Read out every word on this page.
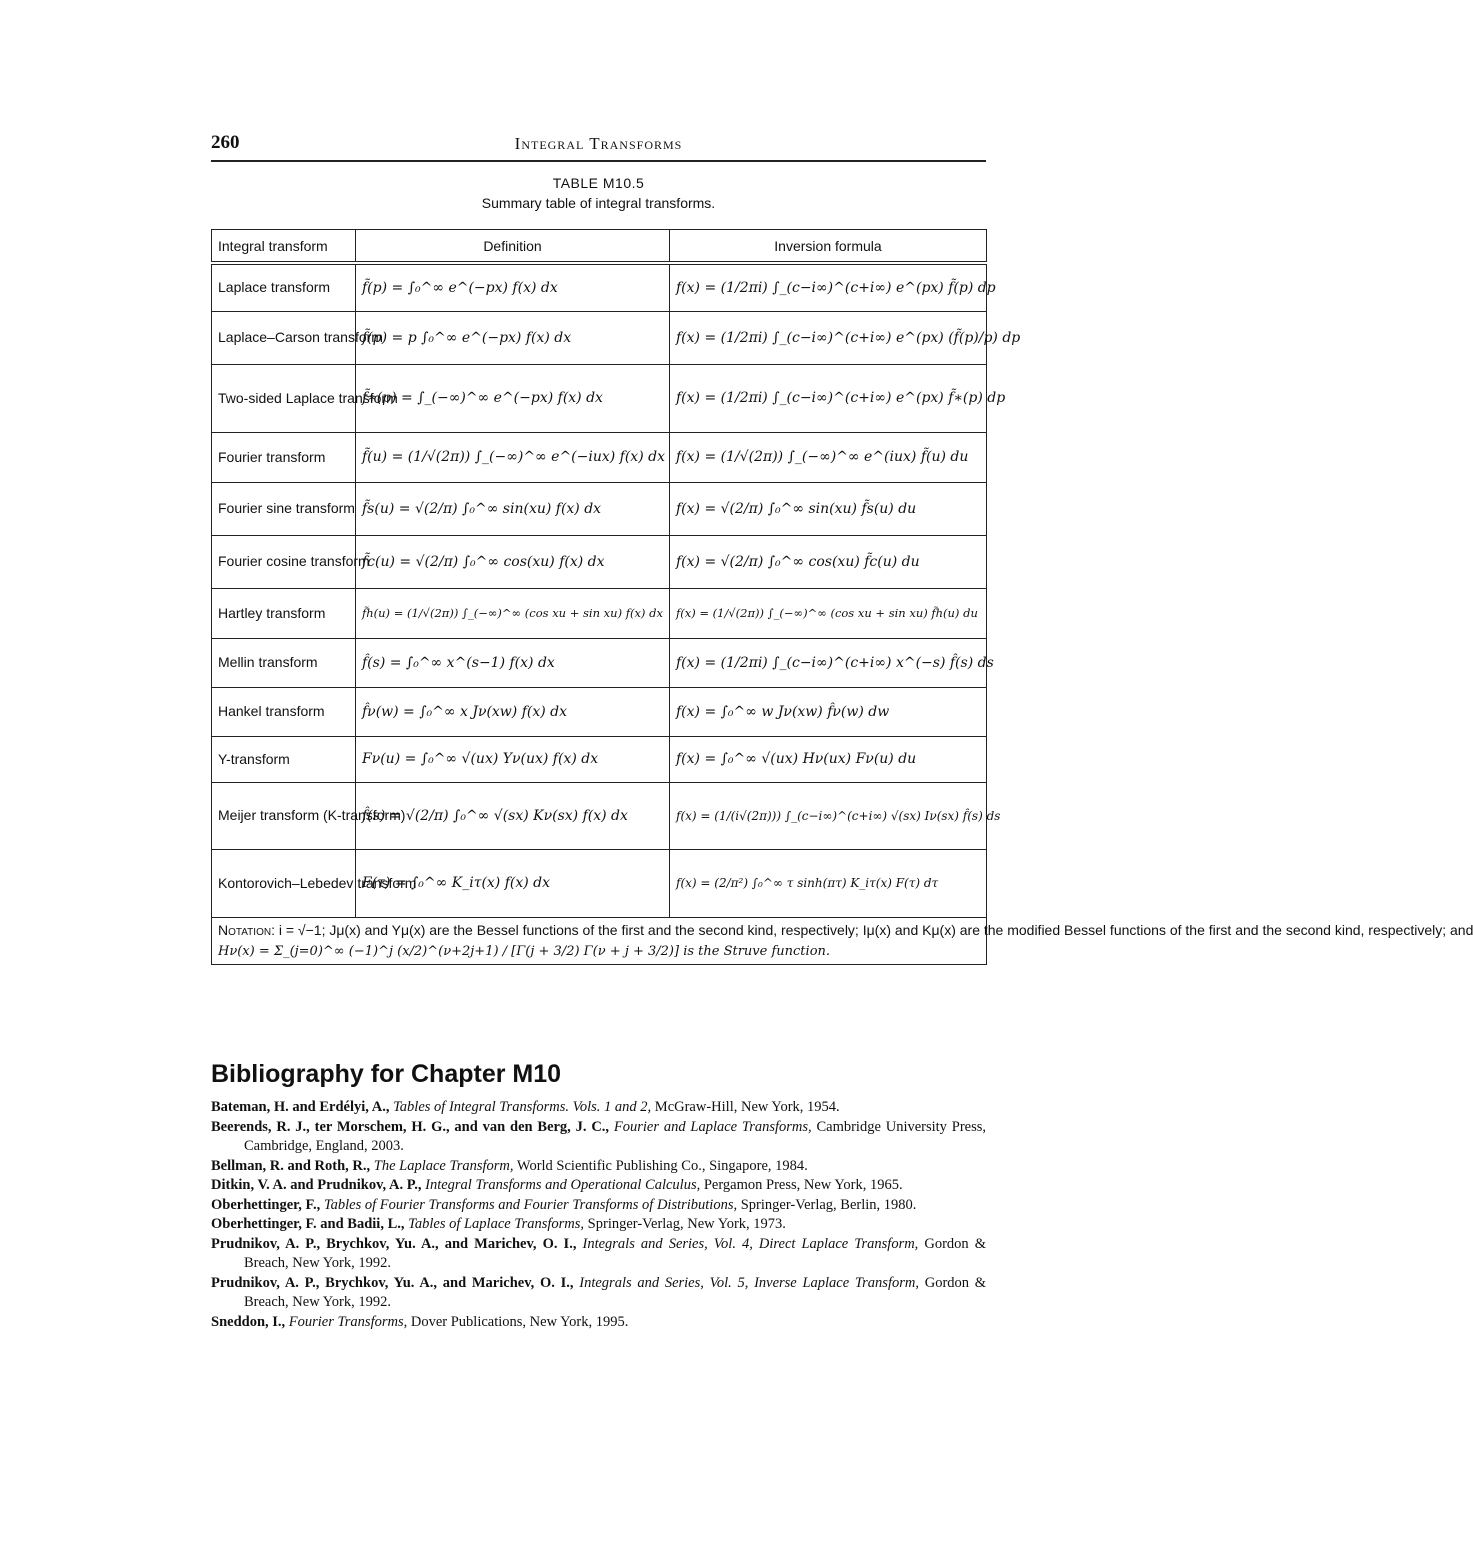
260	Integral Transforms
TABLE M10.5
Summary table of integral transforms.
Integral transform	Definition	Inversion formula
Laplace transform	f̃(p) = ∫₀^∞ e^(−px) f(x) dx	f(x) = (1/2πi) ∫_(c−i∞)^(c+i∞) e^(px) f̃(p) dp
Laplace–Carson transform	f̃(p) = p ∫₀^∞ e^(−px) f(x) dx	f(x) = (1/2πi) ∫_(c−i∞)^(c+i∞) e^(px) (f̃(p)/p) dp
Two-sided Laplace transform	f̃∗(p) = ∫_(−∞)^∞ e^(−px) f(x) dx	f(x) = (1/2πi) ∫_(c−i∞)^(c+i∞) e^(px) f̃∗(p) dp
Fourier transform	f̃(u) = (1/√(2π)) ∫_(−∞)^∞ e^(−iux) f(x) dx	f(x) = (1/√(2π)) ∫_(−∞)^∞ e^(iux) f̃(u) du
Fourier sine transform	f̃s(u) = √(2/π) ∫₀^∞ sin(xu) f(x) dx	f(x) = √(2/π) ∫₀^∞ sin(xu) f̃s(u) du
Fourier cosine transform	f̃c(u) = √(2/π) ∫₀^∞ cos(xu) f(x) dx	f(x) = √(2/π) ∫₀^∞ cos(xu) f̃c(u) du
Hartley transform	f̃h(u) = (1/√(2π)) ∫_(−∞)^∞ (cos xu + sin xu) f(x) dx	f(x) = (1/√(2π)) ∫_(−∞)^∞ (cos xu + sin xu) f̃h(u) du
Mellin transform	f̂(s) = ∫₀^∞ x^(s−1) f(x) dx	f(x) = (1/2πi) ∫_(c−i∞)^(c+i∞) x^(−s) f̂(s) ds
Hankel transform	f̂ν(w) = ∫₀^∞ x Jν(xw) f(x) dx	f(x) = ∫₀^∞ w Jν(xw) f̂ν(w) dw
Y-transform	Fν(u) = ∫₀^∞ √(ux) Yν(ux) f(x) dx	f(x) = ∫₀^∞ √(ux) Hν(ux) Fν(u) du
Meijer transform (K-transform)	f̂(s) = √(2/π) ∫₀^∞ √(sx) Kν(sx) f(x) dx	f(x) = (1/(i√(2π))) ∫_(c−i∞)^(c+i∞) √(sx) Iν(sx) f̂(s) ds
Kontorovich–Lebedev transform	F(τ) = ∫₀^∞ K_iτ(x) f(x) dx	f(x) = (2/π²) ∫₀^∞ τ sinh(πτ) K_iτ(x) F(τ) dτ
Notation: i = √−1; Jμ(x) and Yμ(x) are the Bessel functions of the first and the second kind, respectively; Iμ(x) and Kμ(x) are the modified Bessel functions of the first and the second kind, respectively; and
Hν(x) = Σ_(j=0)^∞ (−1)^j (x/2)^(ν+2j+1) / [Γ(j + 3/2) Γ(ν + j + 3/2)] is the Struve function.		
Bibliography for Chapter M10
Bateman, H. and Erdélyi, A., Tables of Integral Transforms. Vols. 1 and 2, McGraw-Hill, New York, 1954.
Beerends, R. J., ter Morschem, H. G., and van den Berg, J. C., Fourier and Laplace Transforms, Cambridge University Press, Cambridge, England, 2003.
Bellman, R. and Roth, R., The Laplace Transform, World Scientific Publishing Co., Singapore, 1984.
Ditkin, V. A. and Prudnikov, A. P., Integral Transforms and Operational Calculus, Pergamon Press, New York, 1965.
Oberhettinger, F., Tables of Fourier Transforms and Fourier Transforms of Distributions, Springer-Verlag, Berlin, 1980.
Oberhettinger, F. and Badii, L., Tables of Laplace Transforms, Springer-Verlag, New York, 1973.
Prudnikov, A. P., Brychkov, Yu. A., and Marichev, O. I., Integrals and Series, Vol. 4, Direct Laplace Transform, Gordon & Breach, New York, 1992.
Prudnikov, A. P., Brychkov, Yu. A., and Marichev, O. I., Integrals and Series, Vol. 5, Inverse Laplace Transform, Gordon & Breach, New York, 1992.
Sneddon, I., Fourier Transforms, Dover Publications, New York, 1995.
